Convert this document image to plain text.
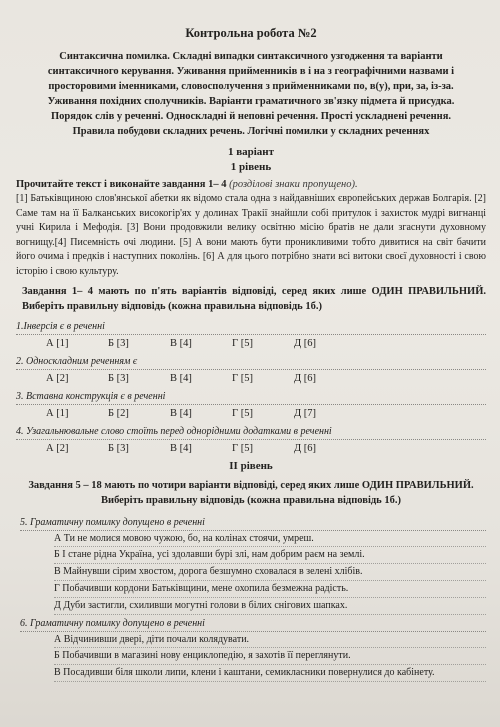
Контрольна робота №2
Синтаксична помилка. Складні випадки синтаксичного узгодження та варіанти
синтаксичного керування. Уживання прийменників в і на з географічними назвами і
просторовими іменниками, словосполучення з прийменниками по, в(у), при, за, із-за.
Уживання похідних сполучників. Варіанти граматичного зв'язку підмета й присудка.
Порядок слів у реченні. Односкладні й неповні речення. Прості ускладнені речення.
Правила побудови складних речень. Логічні помилки у складних реченнях
1 варіант
1 рівень
Прочитайте текст і виконайте завдання 1– 4 (розділові знаки пропущено).
[1] Батьківщиною слов'янської абетки як відомо стала одна з найдавніших європейських держав Болгарія. [2] Саме там на її Балканських високогір'ях у долинах Тракії знайшли собі притулок і захисток мудрі вигнанці учні Кирила і Мефодія. [3] Вони продовжили велику освітню місію братів не дали згаснути духовному вогнищу.[4] Писемність очі людини. [5] А вони мають бути проникливими тобто дивитися на світ бачити його очима і предків і наступних поколінь. [6] А для цього потрібно знати всі витоки своєї духовності і свою історію і свою культуру.
Завдання 1– 4 мають по п'ять варіантів відповіді, серед яких лише ОДИН ПРАВИЛЬНИЙ. Виберіть правильну відповідь (кожна правильна відповідь 1б.)
1.Інверсія є в реченні
А [1]	Б [3]	В [4]	Г [5]	Д [6]
2. Односкладним реченням є
А [2]	Б [3]	В [4]	Г [5]	Д [6]
3. Вставна конструкція є в реченні
А [1]	Б [2]	В [4]	Г [5]	Д [7]
4. Узагальнювальне слово стоїть перед однорідними додатками в реченні
А [2]	Б [3]	В [4]	Г [5]	Д [6]
ІІ рівень
Завдання 5 – 18 мають по чотири варіанти відповіді, серед яких лише ОДИН ПРАВИЛЬНИЙ. Виберіть правильну відповідь (кожна правильна відповідь 1б.)
5. Граматичну помилку допущено в реченні
А Ти не молися мовою чужою, бо, на колінах стоячи, умреш.
Б І стане рідна Україна, усі здолавши бурі злі, нам добрим раєм на землі.
В Майнувши сірим хвостом, дорога безшумно сховалася в зелені хлібів.
Г Побачивши кордони Батьківщини, мене охопила безмежна радість.
Д Дуби застигли, схиливши могутні голови в білих снігових шапках.
6. Граматичну помилку допущено в реченні
А Відчинивши двері, діти почали колядувати.
Б Побачивши в магазині нову енциклопедію, я захотів її переглянути.
В Посадивши біля школи липи, клени і каштани, семикласники повернулися до кабінету.
